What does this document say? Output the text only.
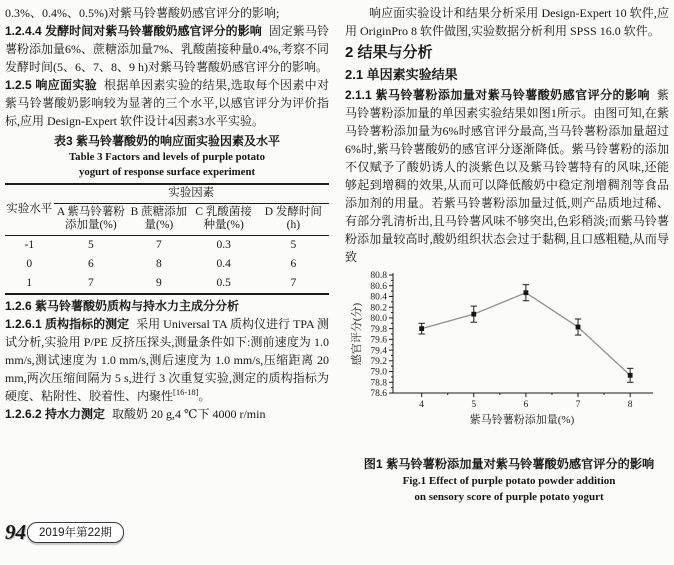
0.3%、0.4%、0.5%)对紫马铃薯酸奶感官评分的影响;

1.2.4.4 发酵时间对紫马铃薯酸奶感官评分的影响 固定紫马铃薯粉添加量6%、蔗糖添加量7%、乳酸菌接种量0.4%,考察不同发酵时间(5、6、7、8、9 h)对紫马铃薯酸奶感官评分的影响。

1.2.5 响应面实验 根据单因素实验的结果,选取每个因素中对紫马铃薯酸奶影响较为显著的三个水平,以感官评分为评价指标,应用 Design-Expert 软件设计4因素3水平实验。

表3 紫马铃薯酸奶的响应面实验因素及水平
Table 3 Factors and levels of purple potato
yogurt of response surface experiment
实验水平	实验因素			
	A 紫马铃薯粉添加量(%)	B 蔗糖添加量(%)	C 乳酸菌接种量(%)	D 发酵时间(h)
-1	5	7	0.3	5
0	6	8	0.4	6
1	7	9	0.5	7

1.2.6 紫马铃薯酸奶质构与持水力主成分分析

1.2.6.1 质构指标的测定 采用 Universal TA 质构仪进行 TPA 测试分析,实验用 P/PE 反挤压探头,测量条件如下:测前速度为 1.0 mm/s,测试速度为 1.0 mm/s,测后速度为 1.0 mm/s,压缩距离 20 mm,两次压缩间隔为 5 s,进行 3 次重复实验,测定的质构指标为硬度、粘附性、胶着性、内聚性[16-18]。

1.2.6.2 持水力测定 取酸奶 20 g,4 ℃下 4000 r/min

响应面实验设计和结果分析采用 Design-Expert 10 软件,应用 OriginPro 8 软件做图,实验数据分析利用 SPSS 16.0 软件。

2 结果与分析
2.1 单因素实验结果

2.1.1 紫马铃薯粉添加量对紫马铃薯酸奶感官评分的影响 紫马铃薯粉添加量的单因素实验结果如图1所示。由图可知,在紫马铃薯粉添加量为6%时感官评分最高,当马铃薯粉添加量超过6%时,紫马铃薯酸奶的感官评分逐渐降低。紫马铃薯粉的添加不仅赋予了酸奶诱人的淡紫色以及紫马铃薯特有的风味,还能够起到增稠的效果,从而可以降低酸奶中稳定剂增稠剂等食品添加剂的用量。若紫马铃薯粉添加量过低,则产品质地过稀、有部分乳清析出,且马铃薯风味不够突出,色彩稍淡;而紫马铃薯粉添加量较高时,酸奶组织状态会过于黏稠,且口感粗糙,从而导致

78.6
78.8
79.0
79.2
79.4
79.6
79.8
80.0
80.2
80.4
80.6
80.8
4	5	6	7	8
紫马铃薯粉添加量(%)
感官评分(分)
图1 紫马铃薯粉添加量对紫马铃薯酸奶感官评分的影响
Fig.1 Effect of purple potato powder addition
on sensory score of purple potato yogurt
94	2019年第22期
